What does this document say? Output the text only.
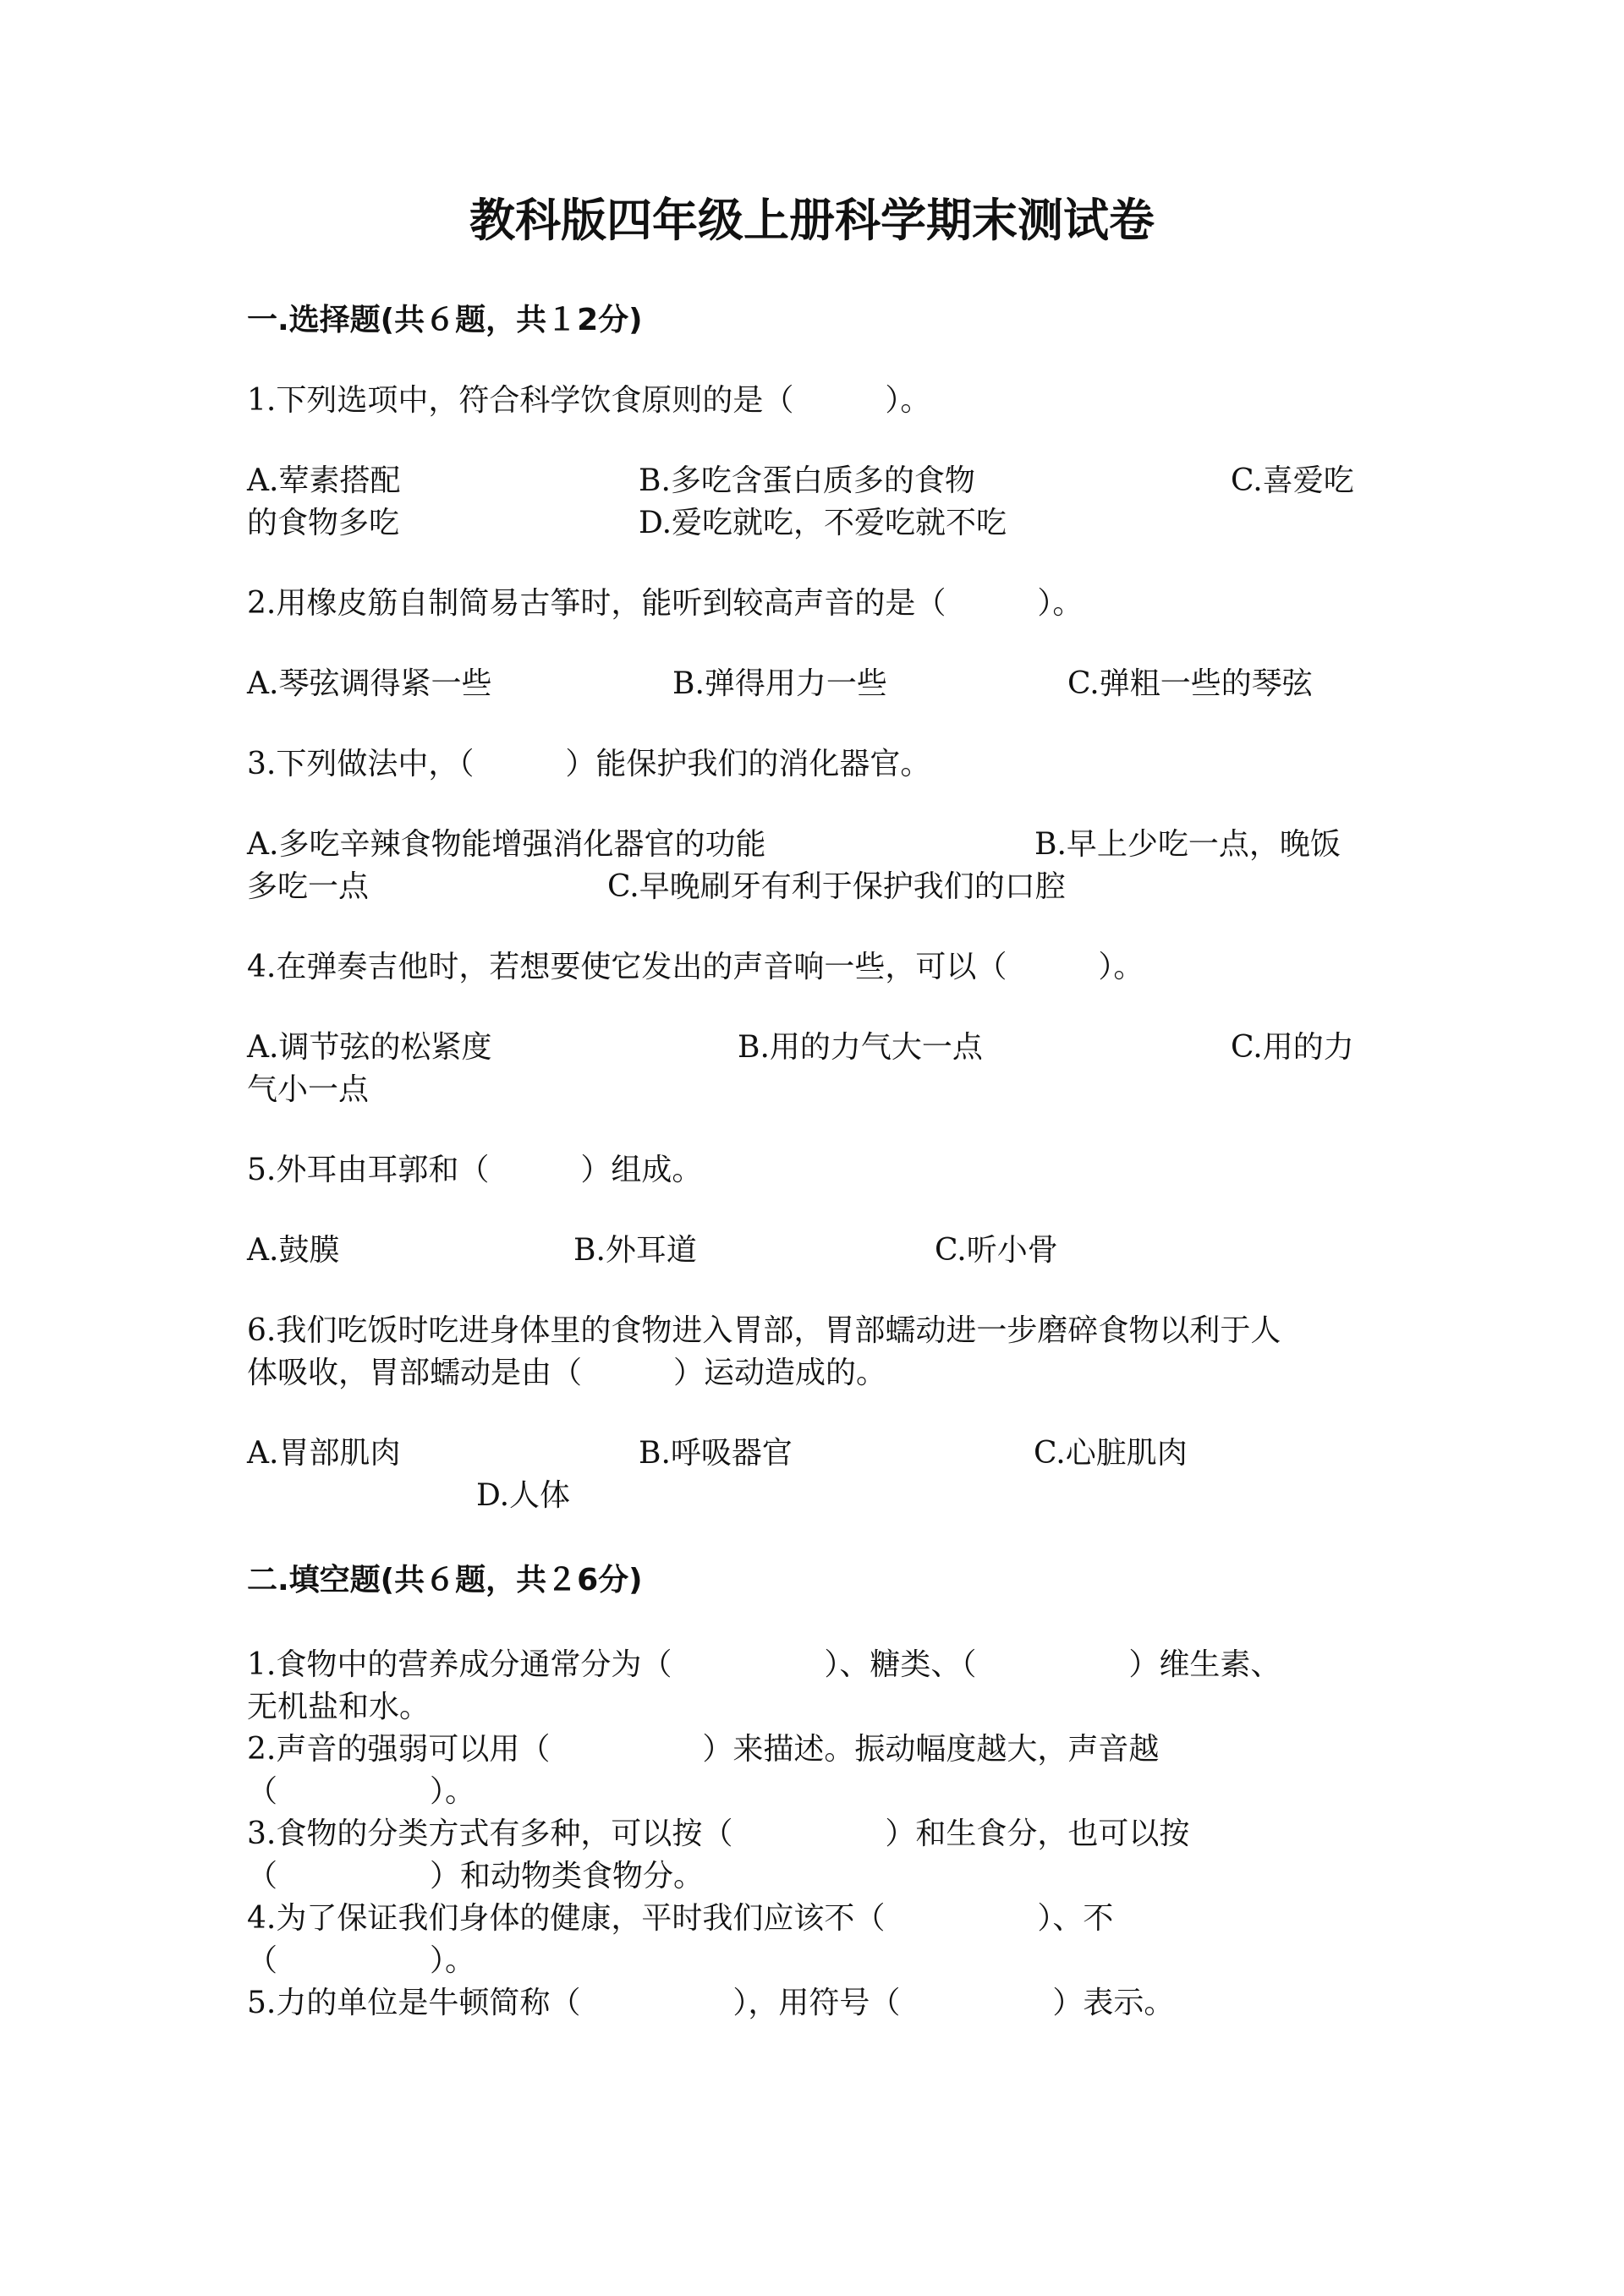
教科版四年级上册科学期末测试卷
一.选择题(共６题，共１2分)
1.下列选项中，符合科学饮食原则的是（　　　）。
A.荤素搭配	B.多吃含蛋白质多的食物	C.喜爱吃
的食物多吃	D.爱吃就吃，不爱吃就不吃
2.用橡皮筋自制简易古筝时，能听到较高声音的是（　　　）。
A.琴弦调得紧一些	B.弹得用力一些	C.弹粗一些的琴弦
3.下列做法中，（　　　）能保护我们的消化器官。
A.多吃辛辣食物能增强消化器官的功能	B.早上少吃一点，晚饭
多吃一点	C.早晚刷牙有利于保护我们的口腔
4.在弹奏吉他时，若想要使它发出的声音响一些，可以（　　　）。
A.调节弦的松紧度	B.用的力气大一点	C.用的力
气小一点
5.外耳由耳郭和（　　　）组成。
A.鼓膜	B.外耳道	C.听小骨
6.我们吃饭时吃进身体里的食物进入胃部，胃部蠕动进一步磨碎食物以利于人
体吸收，胃部蠕动是由（　　　）运动造成的。
A.胃部肌肉	B.呼吸器官	C.心脏肌肉
D.人体
二.填空题(共６题，共２6分)
1.食物中的营养成分通常分为（　　　　　）、糖类、（　　　　　）维生素、
无机盐和水。
2.声音的强弱可以用（　　　　　）来描述。振动幅度越大，声音越
（　　　　　）。
3.食物的分类方式有多种，可以按（　　　　　）和生食分，也可以按
（　　　　　）和动物类食物分。
4.为了保证我们身体的健康，平时我们应该不（　　　　　）、不
（　　　　　）。
5.力的单位是牛顿简称（　　　　　），用符号（　　　　　）表示。
